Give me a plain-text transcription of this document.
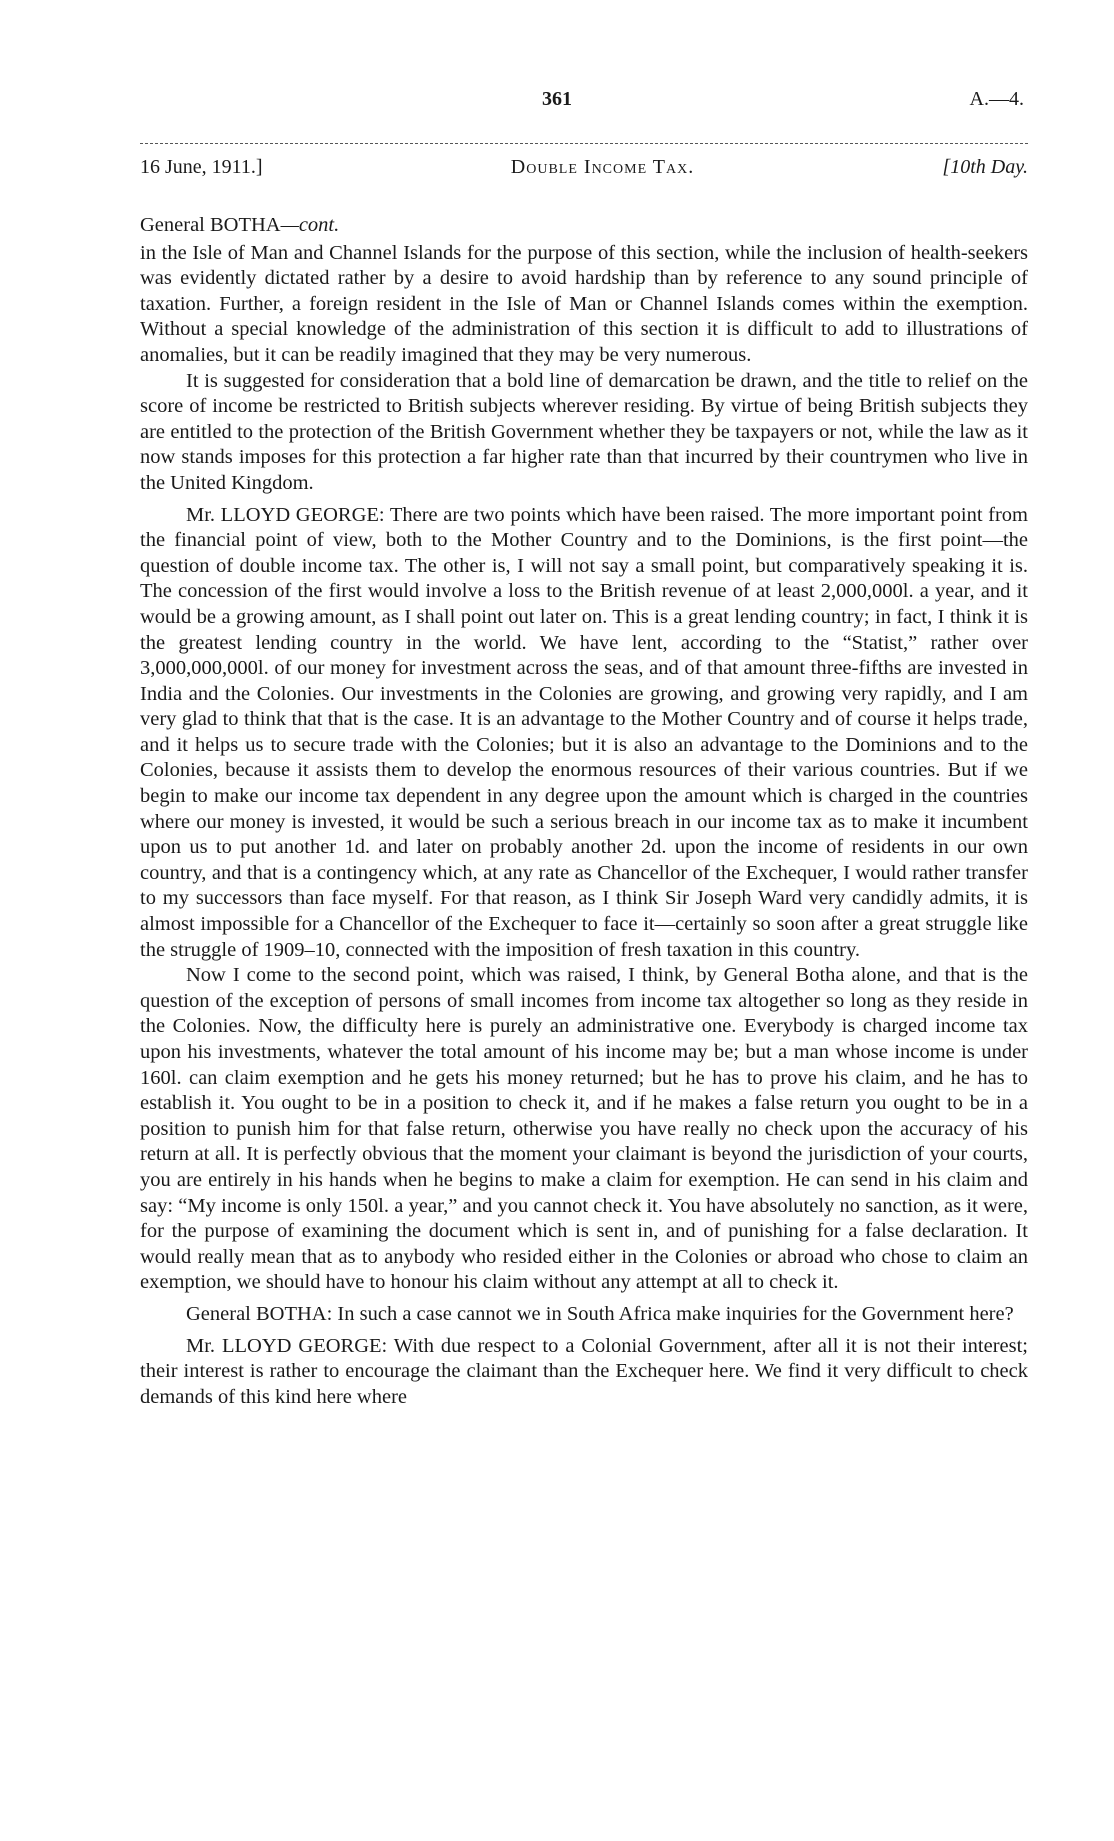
361	A.—4.
16 June, 1911.]	Double Income Tax.	[10th Day.
General BOTHA—cont.

in the Isle of Man and Channel Islands for the purpose of this section, while the inclusion of health-seekers was evidently dictated rather by a desire to avoid hardship than by reference to any sound principle of taxation. Further, a foreign resident in the Isle of Man or Channel Islands comes within the exemption. Without a special knowledge of the administration of this section it is difficult to add to illustrations of anomalies, but it can be readily imagined that they may be very numerous.

It is suggested for consideration that a bold line of demarcation be drawn, and the title to relief on the score of income be restricted to British subjects wherever residing. By virtue of being British subjects they are entitled to the protection of the British Government whether they be taxpayers or not, while the law as it now stands imposes for this protection a far higher rate than that incurred by their countrymen who live in the United Kingdom.

Mr. LLOYD GEORGE: There are two points which have been raised. The more important point from the financial point of view, both to the Mother Country and to the Dominions, is the first point—the question of double income tax. The other is, I will not say a small point, but comparatively speaking it is. The concession of the first would involve a loss to the British revenue of at least 2,000,000l. a year, and it would be a growing amount, as I shall point out later on. This is a great lending country; in fact, I think it is the greatest lending country in the world. We have lent, according to the “Statist,” rather over 3,000,000,000l. of our money for investment across the seas, and of that amount three-fifths are invested in India and the Colonies. Our investments in the Colonies are growing, and growing very rapidly, and I am very glad to think that that is the case. It is an advantage to the Mother Country and of course it helps trade, and it helps us to secure trade with the Colonies; but it is also an advantage to the Dominions and to the Colonies, because it assists them to develop the enormous resources of their various countries. But if we begin to make our income tax dependent in any degree upon the amount which is charged in the countries where our money is invested, it would be such a serious breach in our income tax as to make it incumbent upon us to put another 1d. and later on probably another 2d. upon the income of residents in our own country, and that is a contingency which, at any rate as Chancellor of the Exchequer, I would rather transfer to my successors than face myself. For that reason, as I think Sir Joseph Ward very candidly admits, it is almost impossible for a Chancellor of the Exchequer to face it—certainly so soon after a great struggle like the struggle of 1909–10, connected with the imposition of fresh taxation in this country.

Now I come to the second point, which was raised, I think, by General Botha alone, and that is the question of the exception of persons of small incomes from income tax altogether so long as they reside in the Colonies. Now, the difficulty here is purely an administrative one. Everybody is charged income tax upon his investments, whatever the total amount of his income may be; but a man whose income is under 160l. can claim exemption and he gets his money returned; but he has to prove his claim, and he has to establish it. You ought to be in a position to check it, and if he makes a false return you ought to be in a position to punish him for that false return, otherwise you have really no check upon the accuracy of his return at all. It is perfectly obvious that the moment your claimant is beyond the jurisdiction of your courts, you are entirely in his hands when he begins to make a claim for exemption. He can send in his claim and say: “My income is only 150l. a year,” and you cannot check it. You have absolutely no sanction, as it were, for the purpose of examining the document which is sent in, and of punishing for a false declaration. It would really mean that as to anybody who resided either in the Colonies or abroad who chose to claim an exemption, we should have to honour his claim without any attempt at all to check it.

General BOTHA: In such a case cannot we in South Africa make inquiries for the Government here?

Mr. LLOYD GEORGE: With due respect to a Colonial Government, after all it is not their interest; their interest is rather to encourage the claimant than the Exchequer here. We find it very difficult to check demands of this kind here where
